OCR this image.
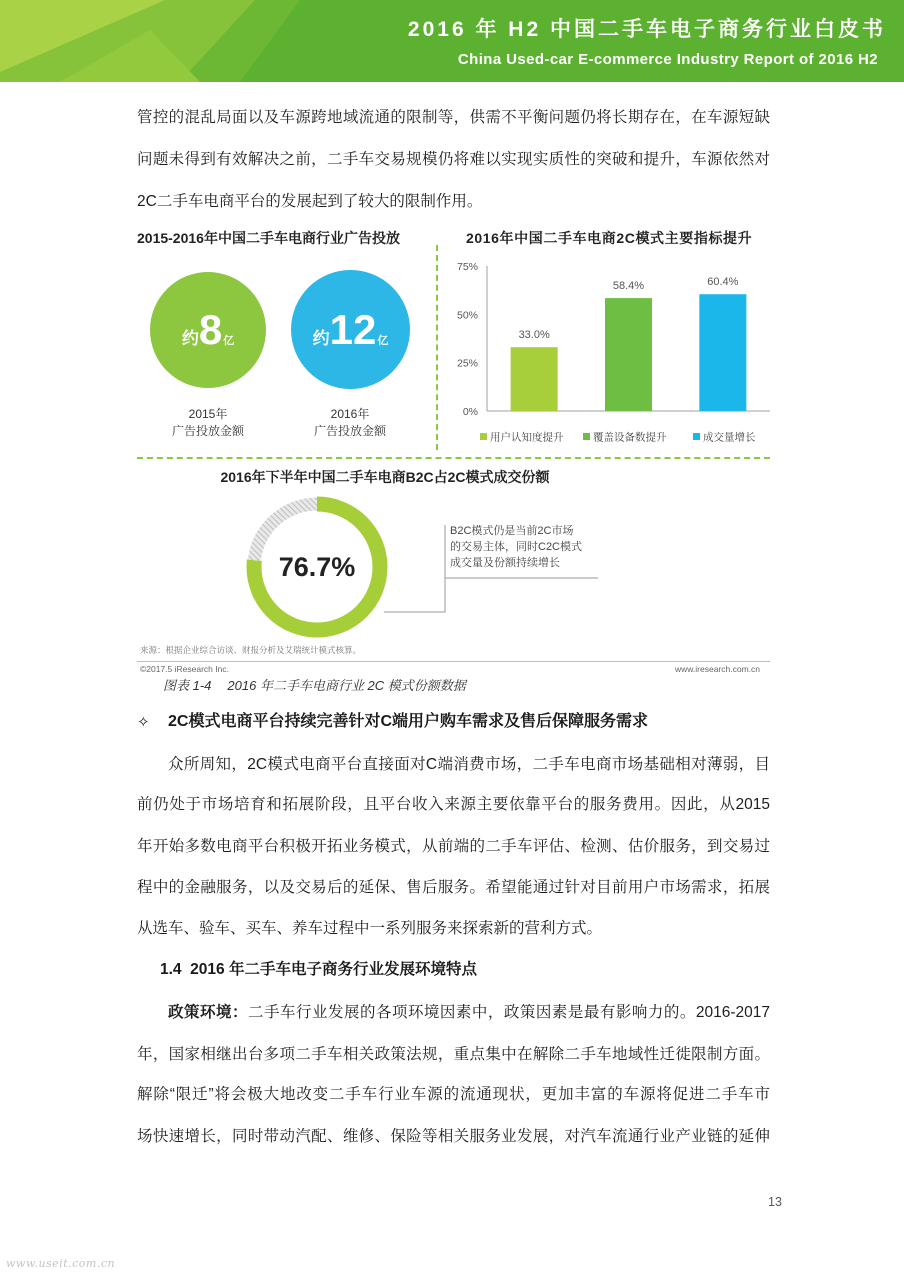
2016 年 H2 中国二手车电子商务行业白皮书
China Used-car E-commerce Industry Report of 2016 H2
管控的混乱局面以及车源跨地域流通的限制等，供需不平衡问题仍将长期存在，在车源短缺
问题未得到有效解决之前，二手车交易规模仍将难以实现实质性的突破和提升，车源依然对
2C二手车电商平台的发展起到了较大的限制作用。
2015-2016年中国二手车电商行业广告投放
约8亿	约12亿
2015年
广告投放金额
2016年
广告投放金额
2016年中国二手车电商2C模式主要指标提升
0%
25%
50%
75%
33.0%
58.4%	60.4%
用户认知度提升	覆盖设备数提升	成交量增长
2016年下半年中国二手车电商B2C占2C模式成交份额
76.7%
B2C模式仍是当前2C市场
的交易主体，同时C2C模式
成交量及份额持续增长
来源：根据企业综合访谈、财报分析及艾瑞统计模式核算。
©2017.5 iResearch Inc.	www.iresearch.com.cn
图表 1-4 2016 年二手车电商行业 2C 模式份额数据
✧ 2C模式电商平台持续完善针对C端用户购车需求及售后保障服务需求
众所周知，2C模式电商平台直接面对C端消费市场，二手车电商市场基础相对薄弱，目
前仍处于市场培育和拓展阶段，且平台收入来源主要依靠平台的服务费用。因此，从2015
年开始多数电商平台积极开拓业务模式，从前端的二手车评估、检测、估价服务，到交易过
程中的金融服务，以及交易后的延保、售后服务。希望能通过针对目前用户市场需求，拓展
从选车、验车、买车、养车过程中一系列服务来探索新的营利方式。
1.4  2016 年二手车电子商务行业发展环境特点
政策环境：二手车行业发展的各项环境因素中，政策因素是最有影响力的。2016-2017
年，国家相继出台多项二手车相关政策法规，重点集中在解除二手车地域性迁徙限制方面。
解除“限迁”将会极大地改变二手车行业车源的流通现状，更加丰富的车源将促进二手车市
场快速增长，同时带动汽配、维修、保险等相关服务业发展，对汽车流通行业产业链的延伸
13
www.useit.com.cn
